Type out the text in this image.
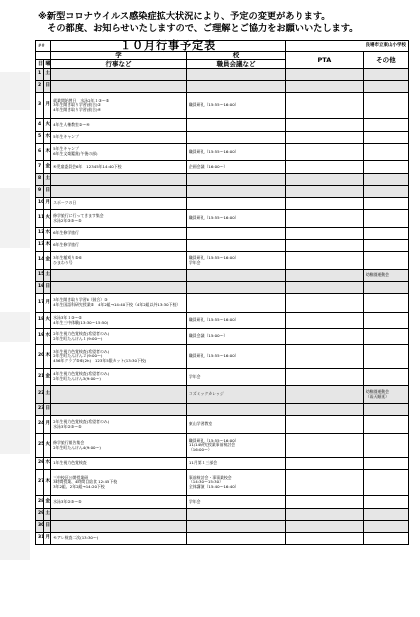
※新型コロナウイルス感染症拡大状況により、予定の変更があります。
　その都度、お知らせいたしますので、ご理解とご協力をお願いいたします。
##		１０月行事予定表		良場市立東山小学校	
		学	校	PTA	その他
日	曜	行事など	職員会議など		
1	土				
2	日				
3	月	就業開始曾日　水泳2年１③～⑤
3年生聞き取り学習(鼓合)②
4年生聞き取り学習(鼓合)④	職員研礼（15:55～16:00）		

4	火	4年生人権教室②～④			

5	水	5年生キャンプ			

6	木	5年生キャンプ
6年生文楽鑑賞(午後の部)	職員研礼（15:55～16:00）		

7	金	④児童委員会6年　12345年14:40下校	企画会議（16:00～）		

8	土				
9	日				
10	月	スポーツの日			

11	火	修学旅行に行ってきます集会
水泳2年③③～⑤	職員研礼（15:55～16:00）		

12	水	6年生修学旅行			

13	木	6年生修学旅行			

14	金	3年生稲刈り⑤⑥
ひまわり号	職員研礼（15:55～16:00）
学年会		

15	土				幼稚園運動会

16	日				
17	月	3年生聞き取り学習Ⅱ（鼓合）③
4年生国語科研究授業⑤　4年2組→14:40下校（4年2組以外13:30下校）			

18	火	水泳3年１③～⑤
4年生三中体験(13:30～15:50)	職員研礼（15:55～16:00）		

19	水	2年生視力色覚検査(希望者のみ)
2年生町たんけん１(9:00～)	職員会議（15:00～）		

20	木	3年生視力色覚検査(希望者のみ)
2年生町たんけん２(9:00～)
456年クラブ⑤⑥(2h)　123年5限カット(13:30下校)	職員研礼（15:55～16:00）		

21	金	4年生視力色覚検査(希望者のみ)
2年生町たんけん3(9:00～)	学年会		

22	土		コズミックカレッジ		幼稚園運動会
（雨天順延）

23	日				
24	月	2年生視力色覚検査(希望者のみ)
水泳3年②③～⑤	東山学習教室		

25	火	修学旅行報告集会
2年生町たんけん4(9:00～)	職員研礼（15:55～16:00）
11/14研究授業事前検討会
（16:00～）		

26	水	1年生視力色覚検査	11月第１三部会		

27	木	三中校区公開授業研
3時間授業、4時間目給食 12:45下校
3年2組、2年2組→14:20下校	事前検討会・事事業校会
（14:30～15:30）
全体講演（15:40～16:40）		

28	金	水泳3年②③～⑤	学年会		

29	土				
30	日				
31	月	モアレ検査二次(13:30～)			
